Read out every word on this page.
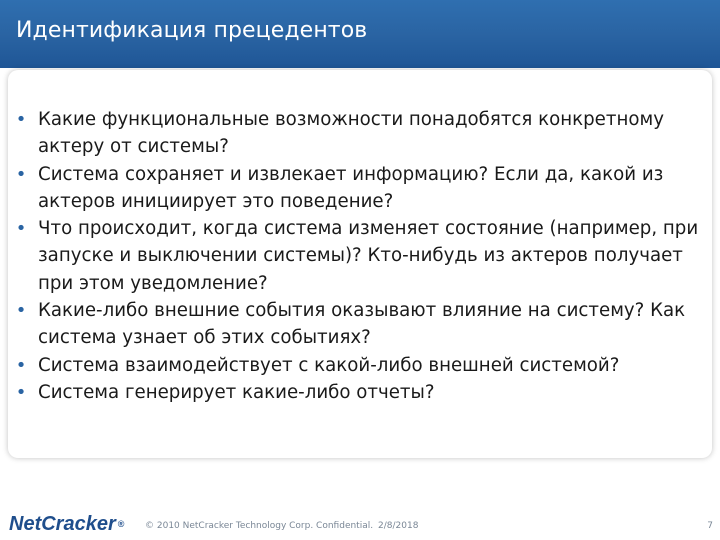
Идентификация прецедентов
• Какие функциональные возможности понадобятся конкретному актеру от системы?
• Система сохраняет и извлекает информацию? Если да, какой из актеров инициирует это поведение?
• Что происходит, когда система изменяет состояние (например, при запуске и выключении системы)? Кто-нибудь из актеров получает при этом уведомление?
• Какие-либо внешние события оказывают влияние на систему? Как система узнает об этих событиях?
• Система взаимодействует с какой-либо внешней системой?
• Система генерирует какие-либо отчеты?
NetCracker ® © 2010 NetCracker Technology Corp. Confidential. 2/8/2018	7
